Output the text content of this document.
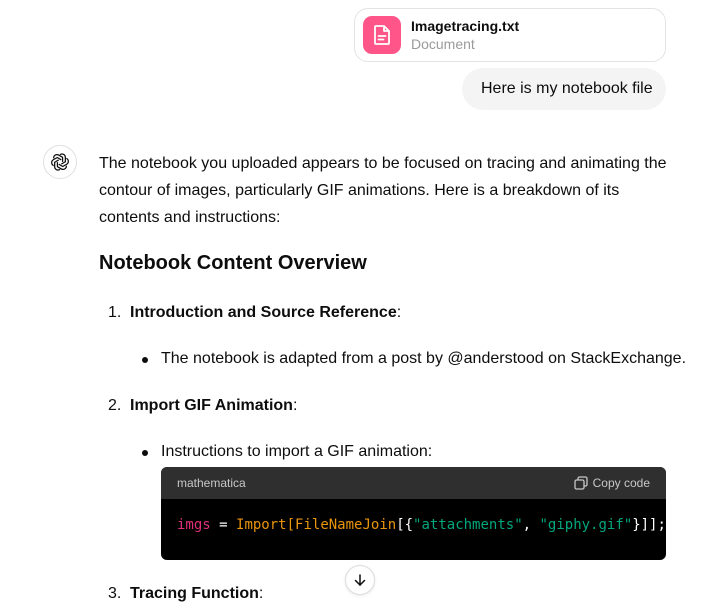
Imagetracing.txt
Document
Here is my notebook file

The notebook you uploaded appears to be focused on tracing and animating the contour of images, particularly GIF animations. Here is a breakdown of its contents and instructions:

Notebook Content Overview
1. Introduction and Source Reference:
The notebook is adapted from a post by @anderstood on StackExchange.
2. Import GIF Animation:
Instructions to import a GIF animation:
mathematica	Copy code
imgs = Import[FileNameJoin[{"attachments", "giphy.gif"}]];
3. Tracing Function:
